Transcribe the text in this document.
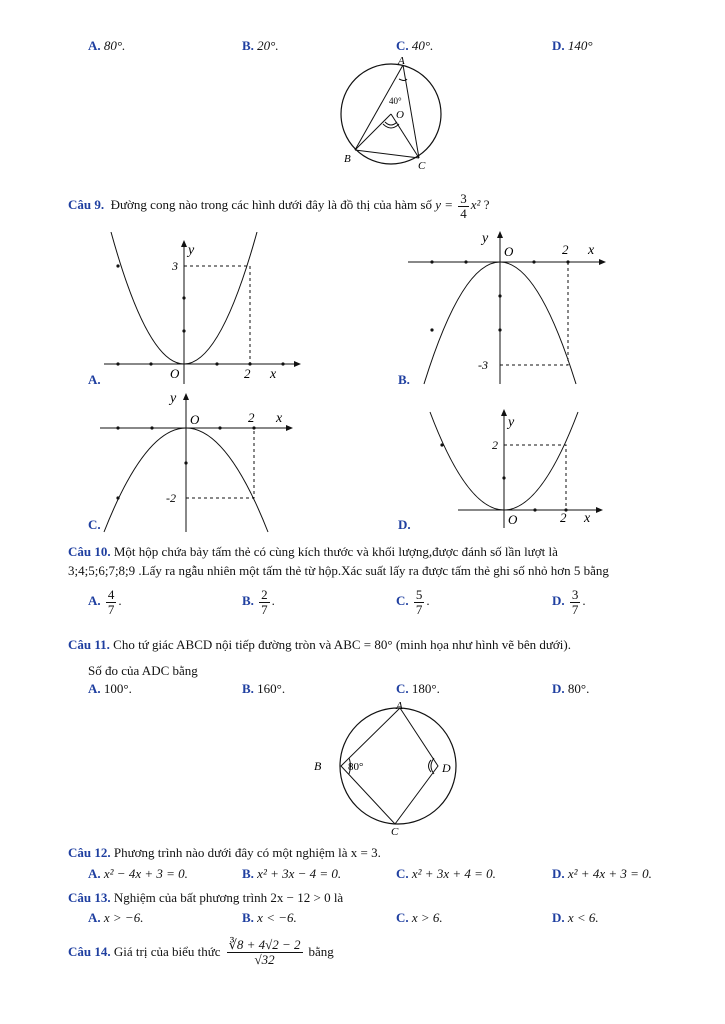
A. 80°.	B. 20°.	C. 40°.	D. 140°
A
B
C
O
40°
Câu 9. Đường cong nào trong các hình dưới đây là đồ thị của hàm số $y = \frac{3}{4} x^2$ ?
y
3
O	2 x
A.
y
O	2 x
-3
B.
y
O	2 x
-2
C.
y
2
O	2 x
D.
Câu 10. Một hộp chứa bảy tấm thẻ có cùng kích thước và khối lượng,được đánh số lần lượt là
3;4;5;6;7;8;9 .Lấy ra ngẫu nhiên một tấm thẻ từ hộp.Xác suất lấy ra được tấm thẻ ghi số nhỏ hơn 5 bằng
A. $\frac{4}{7}$ .	B. $\frac{2}{7}$ .	C. $\frac{5}{7}$ .	D. $\frac{3}{7}$ .
Câu 11. Cho tứ giác ABCD nội tiếp đường tròn và ABC = 80° (minh họa như hình vẽ bên dưới).
Số đo của ADC bằng
A. 100°.	B. 160°.	C. 180°.	D. 80°.
A
B
C
D
80°
Câu 12. Phương trình nào dưới đây có một nghiệm là x = 3.
A. x² − 4x + 3 = 0.	B. x² + 3x − 4 = 0.	C. x² + 3x + 4 = 0.	D. x² + 4x + 3 = 0.
Câu 13. Nghiệm của bất phương trình 2x − 12 > 0 là
A. x > −6.	B. x < −6.	C. x > 6.	D. x < 6.
Câu 14.
Giá trị của biểu thức $\frac{∛8 + 4√2 - 2}{√32}$ bằng
